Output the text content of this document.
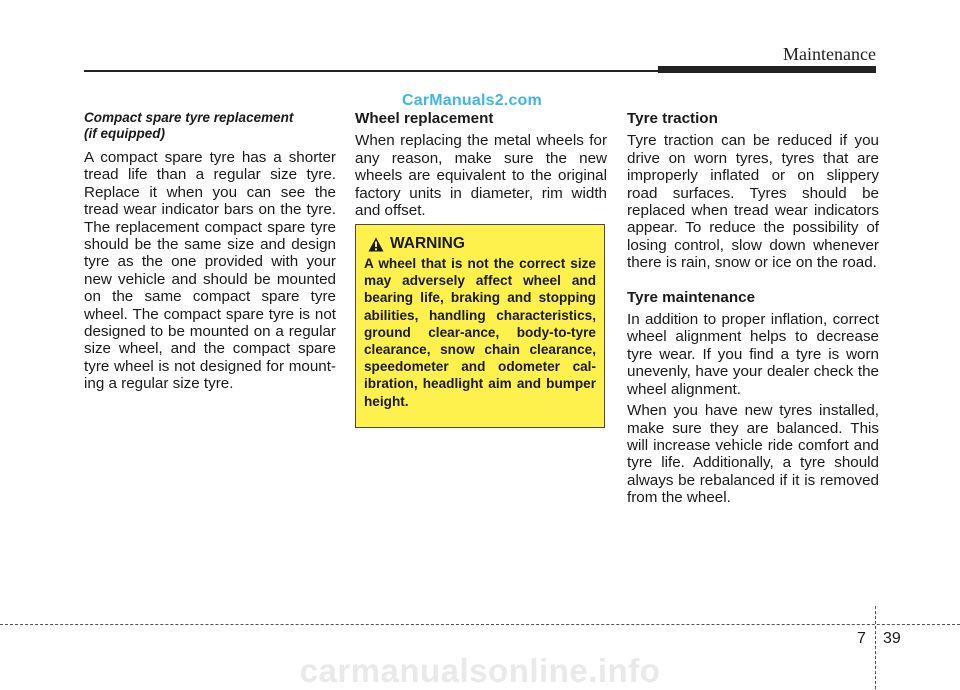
Maintenance
CarManuals2.com
Compact spare tyre replacement
(if equipped)

A compact spare tyre has a shorter tread life than a regular size tyre. Replace it when you can see the tread wear indicator bars on the tyre. The replacement compact spare tyre should be the same size and design tyre as the one provided with your new vehicle and should be mounted on the same compact spare tyre wheel. The compact spare tyre is not designed to be mounted on a regular size wheel, and the compact spare tyre wheel is not designed for mount-ing a regular size tyre.

Wheel replacement

When replacing the metal wheels for any reason, make sure the new wheels are equivalent to the original factory units in diameter, rim width and offset.

WARNING
A wheel that is not the correct size may adversely affect wheel and bearing life, braking and stopping abilities, handling characteristics, ground clear-ance, body-to-tyre clearance, snow chain clearance, speedometer and odometer cal-ibration, headlight aim and bumper height.
Tyre traction

Tyre traction can be reduced if you drive on worn tyres, tyres that are improperly inflated or on slippery road surfaces. Tyres should be replaced when tread wear indicators appear. To reduce the possibility of losing control, slow down whenever there is rain, snow or ice on the road.

Tyre maintenance

In addition to proper inflation, correct wheel alignment helps to decrease tyre wear. If you find a tyre is worn unevenly, have your dealer check the wheel alignment.

When you have new tyres installed, make sure they are balanced. This will increase vehicle ride comfort and tyre life. Additionally, a tyre should always be rebalanced if it is removed from the wheel.

7 39
carmanualsonline.info
